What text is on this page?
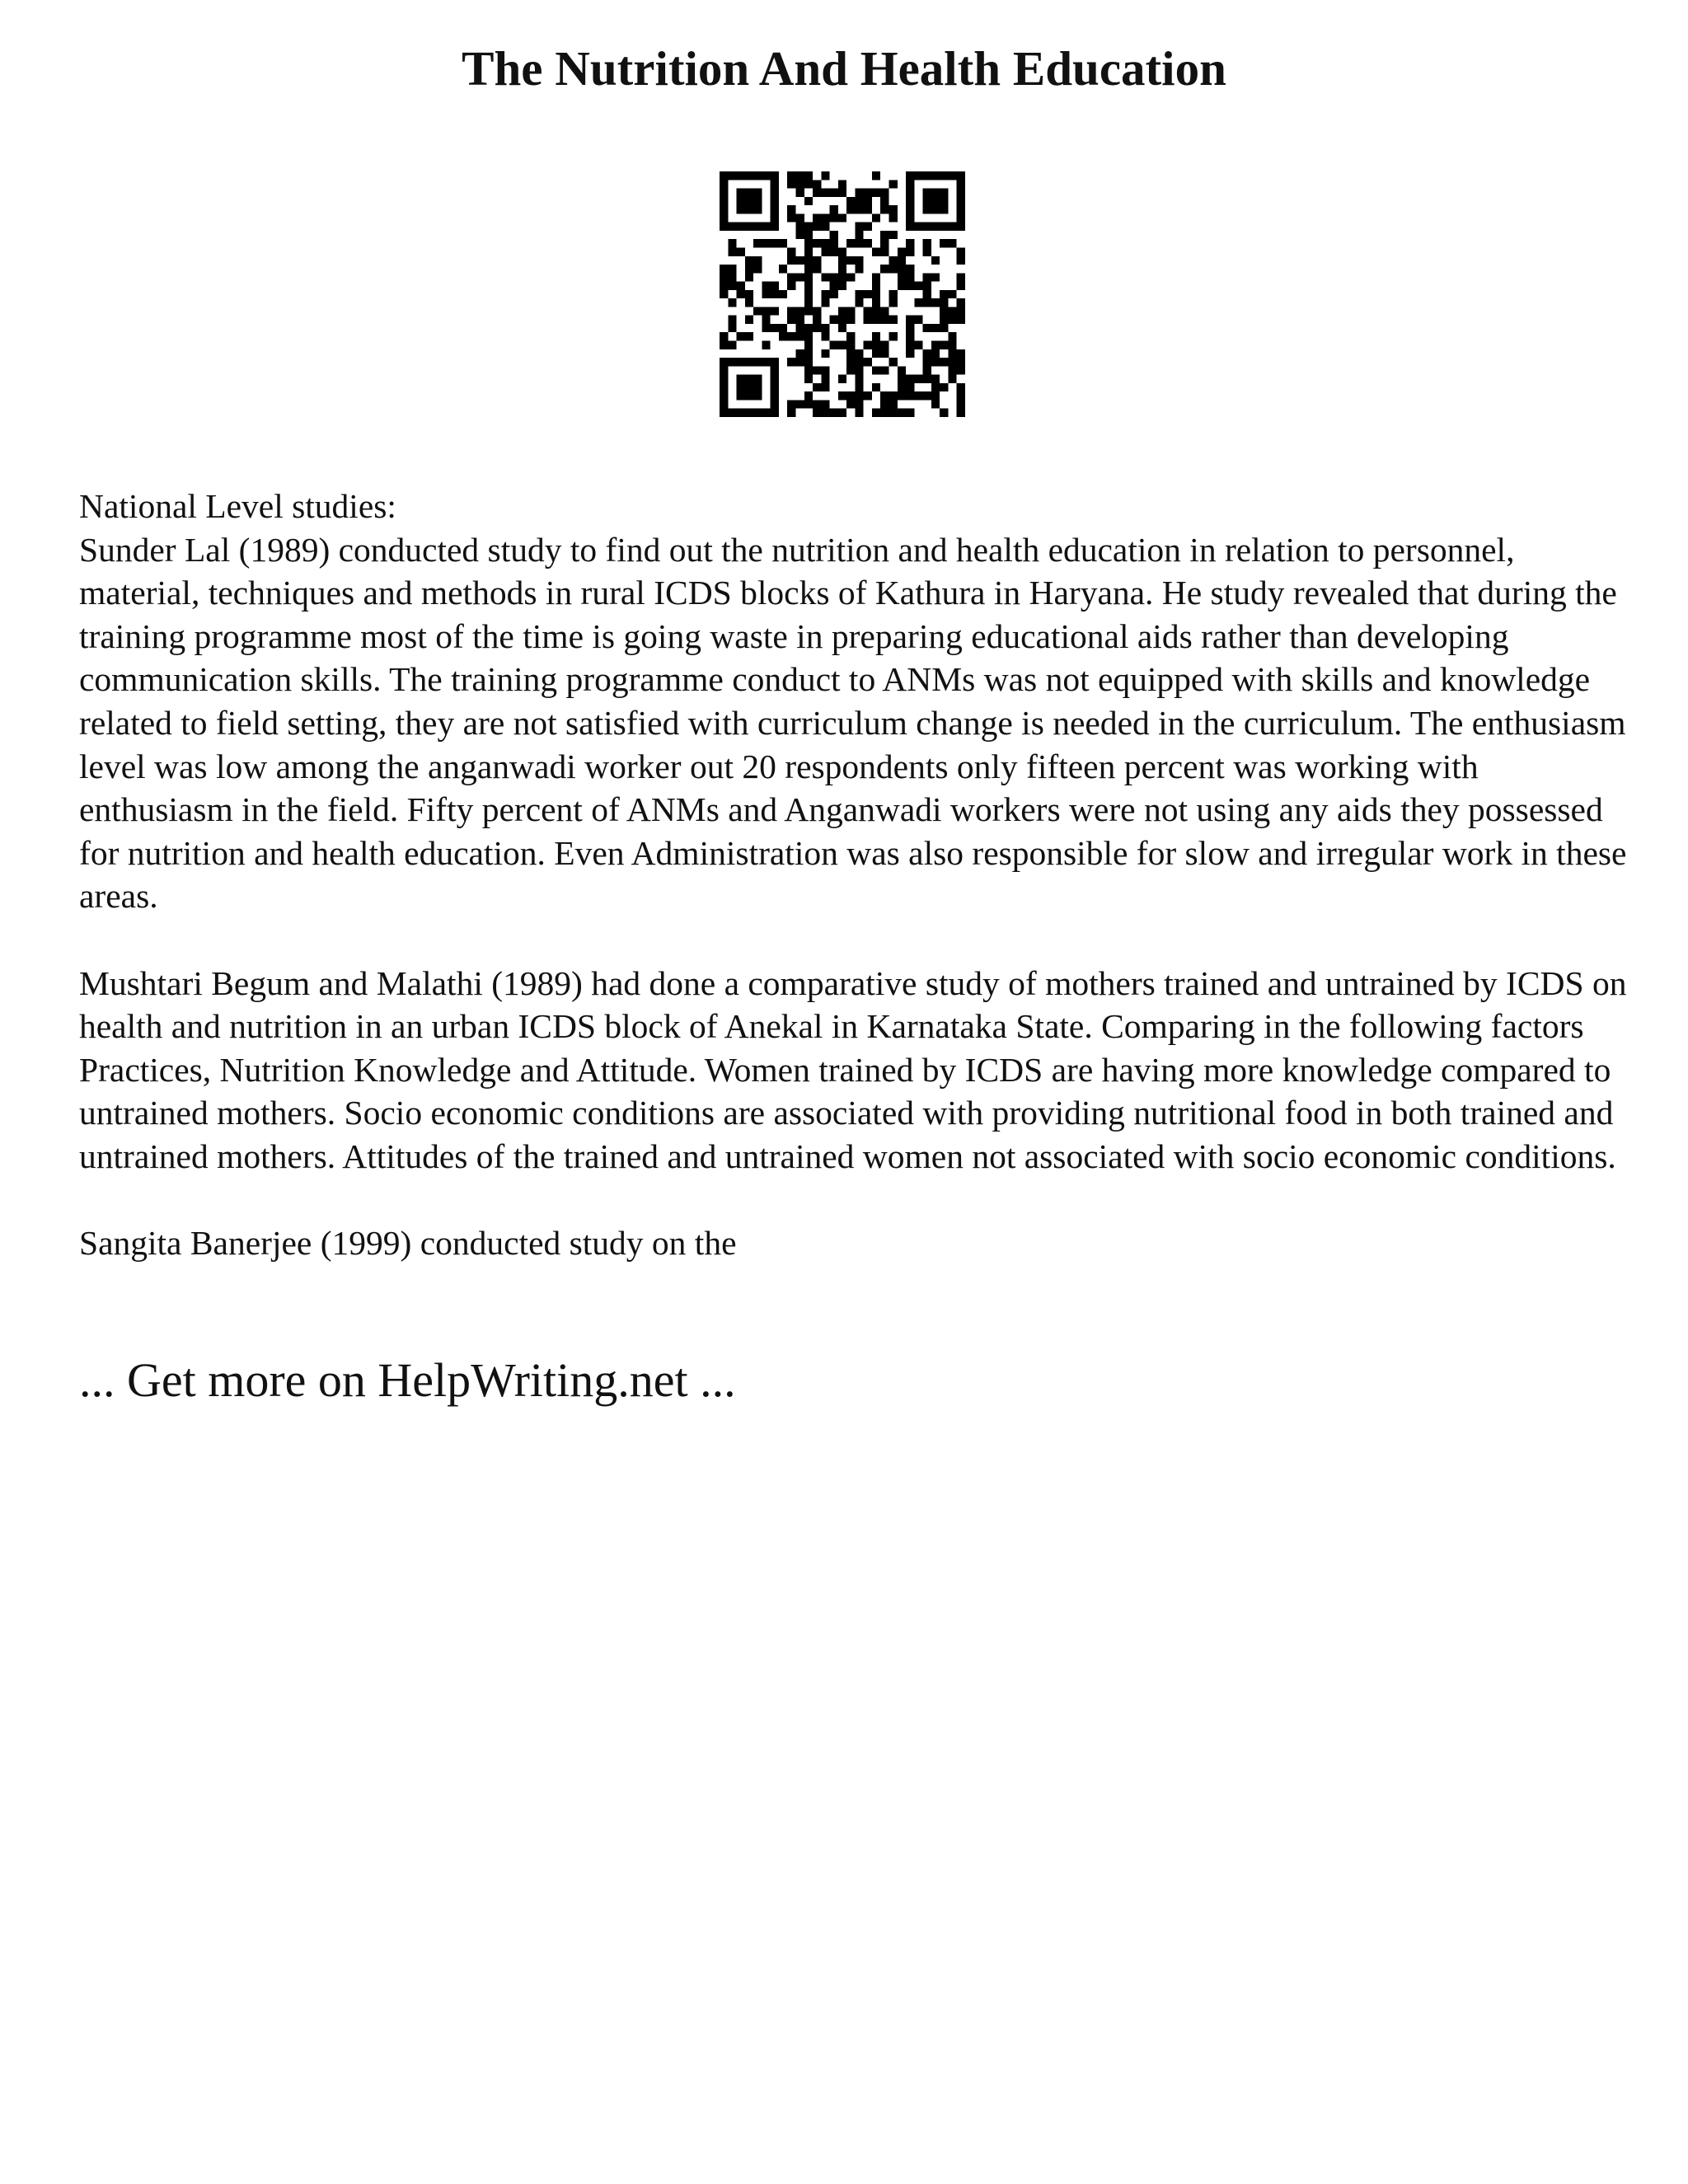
The Nutrition And Health Education

National Level studies:
Sunder Lal (1989) conducted study to find out the nutrition and health education in relation to personnel, material, techniques and methods in rural ICDS blocks of Kathura in Haryana. He study revealed that during the training programme most of the time is going waste in preparing educational aids rather than developing communication skills. The training programme conduct to ANMs was not equipped with skills and knowledge related to field setting, they are not satisfied with curriculum change is needed in the curriculum. The enthusiasm level was low among the anganwadi worker out 20 respondents only fifteen percent was working with enthusiasm in the field. Fifty percent of ANMs and Anganwadi workers were not using any aids they possessed for nutrition and health education. Even Administration was also responsible for slow and irregular work in these areas.

Mushtari Begum and Malathi (1989) had done a comparative study of mothers trained and untrained by ICDS on health and nutrition in an urban ICDS block of Anekal in Karnataka State. Comparing in the following factors Practices, Nutrition Knowledge and Attitude. Women trained by ICDS are having more knowledge compared to untrained mothers. Socio economic conditions are associated with providing nutritional food in both trained and untrained mothers. Attitudes of the trained and untrained women not associated with socio economic conditions.

Sangita Banerjee (1999) conducted study on the

... Get more on HelpWriting.net ...
